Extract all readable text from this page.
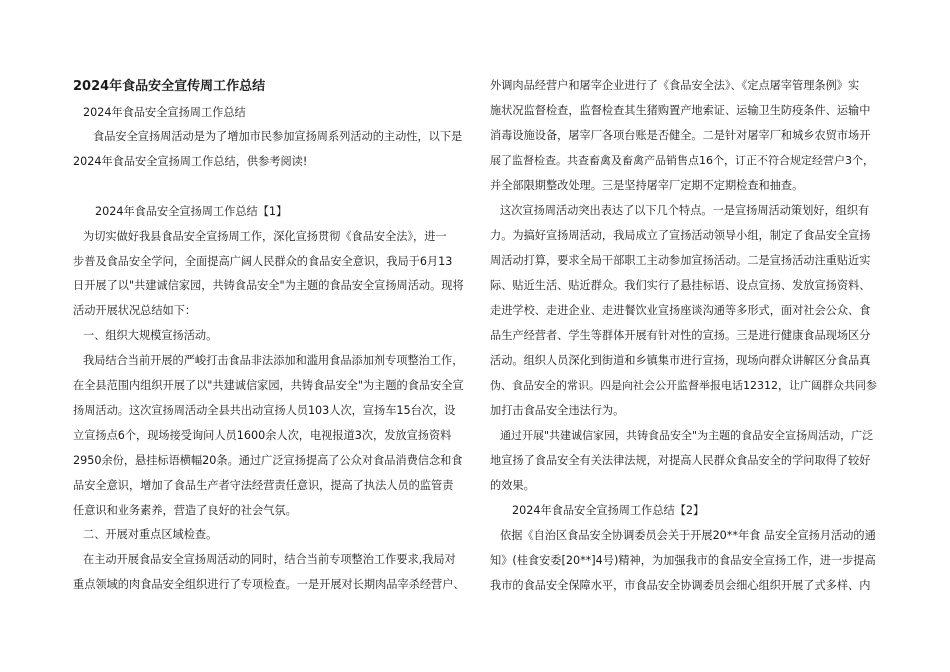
2024年食品安全宣传周工作总结
2024年食品安全宣扬周工作总结
食品安全宣扬周活动是为了增加市民参加宣扬周系列活动的主动性，以下是
2024年食品安全宣扬周工作总结，供参考阅读!
2024年食品安全宣扬周工作总结【1】
为切实做好我县食品安全宣扬周工作，深化宣扬贯彻《食品安全法》，进一
步普及食品安全学问，全面提高广阔人民群众的食品安全意识，我局于6月13
日开展了以"共建诚信家园，共铸食品安全"为主题的食品安全宣扬周活动。现将
活动开展状况总结如下：
一、组织大规模宣扬活动。
我局结合当前开展的严峻打击食品非法添加和滥用食品添加剂专项整治工作，
在全县范围内组织开展了以"共建诚信家园，共铸食品安全"为主题的食品安全宣
扬周活动。这次宣扬周活动全县共出动宣扬人员103人次，宣扬车15台次，设
立宣扬点6个，现场接受询问人员1600余人次，电视报道3次，发放宣扬资料
2950余份，悬挂标语横幅20条。通过广泛宣扬提高了公众对食品消费信念和食
品安全意识，增加了食品生产者守法经营责任意识，提高了执法人员的监管责
任意识和业务素养，营造了良好的社会气氛。
二、开展对重点区域检查。
在主动开展食品安全宣扬周活动的同时，结合当前专项整治工作要求,我局对
重点领域的肉食品安全组织进行了专项检查。一是开展对长期肉品宰杀经营户、
外调肉品经营户和屠宰企业进行了《食品安全法》、《定点屠宰管理条例》实
施状况监督检查，监督检查其生猪购置产地索证、运输卫生防疫条件、运输中
消毒设施设备，屠宰厂各项台账是否健全。二是针对屠宰厂和城乡农贸市场开
展了监督检查。共查畜禽及畜禽产品销售点16个，订正不符合规定经营户3个，
并全部限期整改处理。三是坚持屠宰厂定期不定期检查和抽查。
这次宣扬周活动突出表达了以下几个特点。一是宣扬周活动策划好，组织有
力。为搞好宣扬周活动，我局成立了宣扬活动领导小组，制定了食品安全宣扬
周活动打算，要求全局干部职工主动参加宣扬活动。二是宣扬活动注重贴近实
际、贴近生活、贴近群众。我们实行了悬挂标语、设点宣扬、发放宣扬资料、
走进学校、走进企业、走进餐饮业宣扬座谈沟通等多形式，面对社会公众、食
品生产经营者、学生等群体开展有针对性的宣扬。三是进行健康食品现场区分
活动。组织人员深化到街道和乡镇集市进行宣扬，现场向群众讲解区分食品真
伪、食品安全的常识。四是向社会公开监督举报电话12312，让广阔群众共同参
加打击食品安全违法行为。
通过开展"共建诚信家园，共铸食品安全"为主题的食品安全宣扬周活动，广泛
地宣扬了食品安全有关法律法规，对提高人民群众食品安全的学问取得了较好
的效果。
2024年食品安全宣扬周工作总结【2】
依据《自治区食品安全协调委员会关于开展20**年食 品安全宣扬月活动的通
知》(桂食安委[20**]4号)精神，为加强我市的食品安全宣扬工作，进一步提高
我市的食品安全保障水平，市食品安全协调委员会细心组织开展了式多样、内
